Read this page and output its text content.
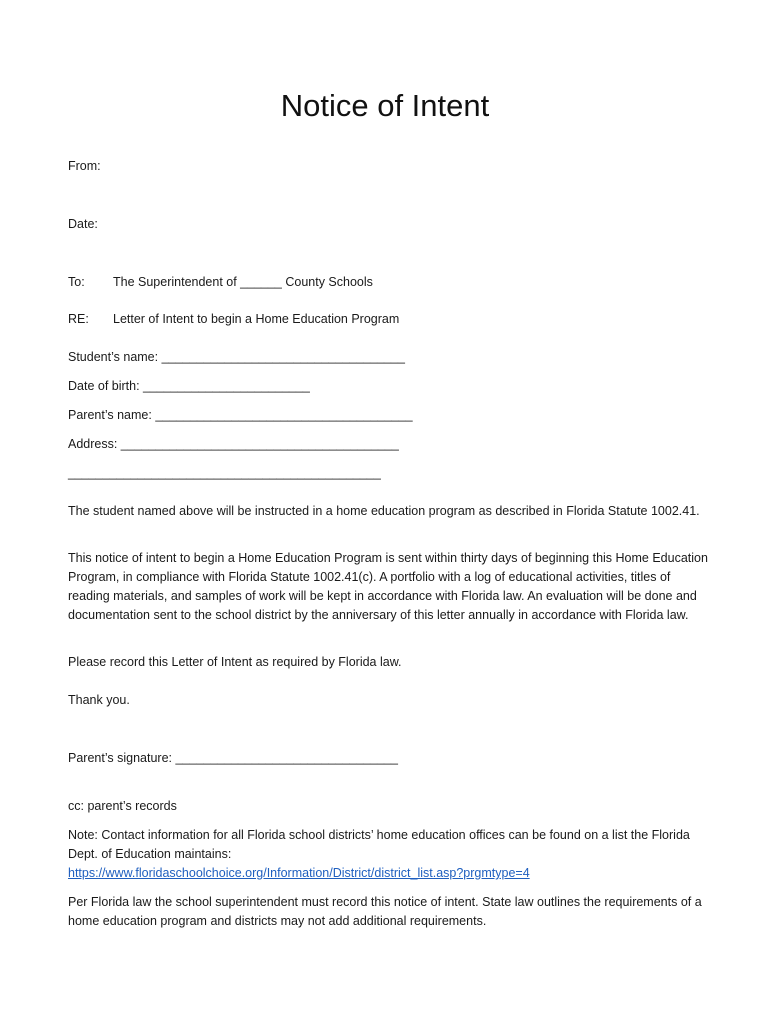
Notice of Intent
From:
Date:
To: The Superintendent of ______ County Schools
RE: Letter of Intent to begin a Home Education Program
Student’s name: ___________________________________
Date of birth: ________________________
Parent’s name: _____________________________________
Address: ________________________________________
_____________________________________________

The student named above will be instructed in a home education program as described in Florida Statute 1002.41.

This notice of intent to begin a Home Education Program is sent within thirty days of beginning this Home Education Program, in compliance with Florida Statute 1002.41(c). A portfolio with a log of educational activities, titles of reading materials, and samples of work will be kept in accordance with Florida law. An evaluation will be done and documentation sent to the school district by the anniversary of this letter annually in accordance with Florida law.

Please record this Letter of Intent as required by Florida law.

Thank you.

Parent’s signature: ________________________________
cc: parent’s records
Note: Contact information for all Florida school districts’ home education offices can be found on a list the Florida Dept. of Education maintains:
https://www.floridaschoolchoice.org/Information/District/district_list.asp?prgmtype=4

Per Florida law the school superintendent must record this notice of intent. State law outlines the requirements of a home education program and districts may not add additional requirements.
